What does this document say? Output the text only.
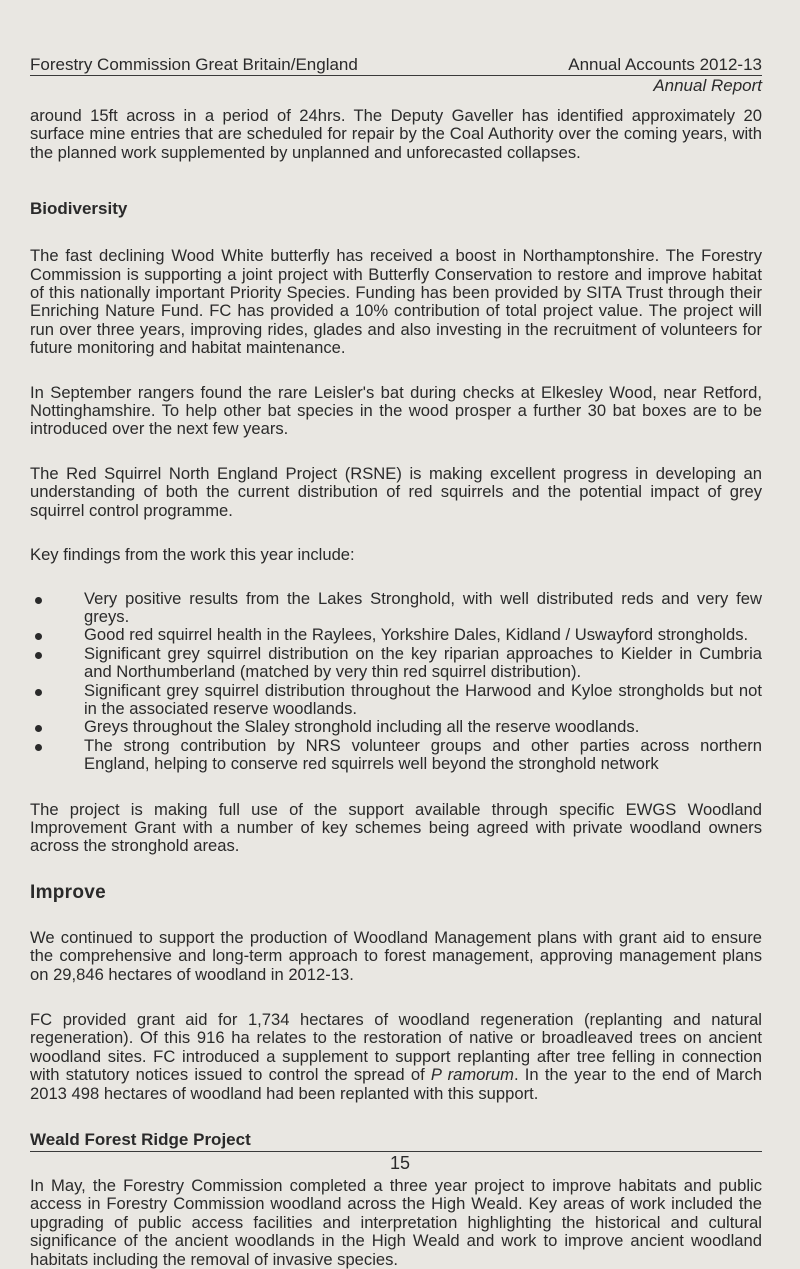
Forestry Commission Great Britain/England	Annual Accounts 2012-13
Annual Report

around 15ft across in a period of 24hrs. The Deputy Gaveller has identified approximately 20 surface mine entries that are scheduled for repair by the Coal Authority over the coming years, with the planned work supplemented by unplanned and unforecasted collapses.

Biodiversity

The fast declining Wood White butterfly has received a boost in Northamptonshire. The Forestry Commission is supporting a joint project with Butterfly Conservation to restore and improve habitat of this nationally important Priority Species. Funding has been provided by SITA Trust through their Enriching Nature Fund. FC has provided a 10% contribution of total project value. The project will run over three years, improving rides, glades and also investing in the recruitment of volunteers for future monitoring and habitat maintenance.

In September rangers found the rare Leisler's bat during checks at Elkesley Wood, near Retford, Nottinghamshire. To help other bat species in the wood prosper a further 30 bat boxes are to be introduced over the next few years.

The Red Squirrel North England Project (RSNE) is making excellent progress in developing an understanding of both the current distribution of red squirrels and the potential impact of grey squirrel control programme.

Key findings from the work this year include:

Very positive results from the Lakes Stronghold, with well distributed reds and very few greys.
Good red squirrel health in the Raylees, Yorkshire Dales, Kidland / Uswayford strongholds.
Significant grey squirrel distribution on the key riparian approaches to Kielder in Cumbria and Northumberland (matched by very thin red squirrel distribution).
Significant grey squirrel distribution throughout the Harwood and Kyloe strongholds but not in the associated reserve woodlands.
Greys throughout the Slaley stronghold including all the reserve woodlands.
The strong contribution by NRS volunteer groups and other parties across northern England, helping to conserve red squirrels well beyond the stronghold network

The project is making full use of the support available through specific EWGS Woodland Improvement Grant with a number of key schemes being agreed with private woodland owners across the stronghold areas.

Improve

We continued to support the production of Woodland Management plans with grant aid to ensure the comprehensive and long-term approach to forest management, approving management plans on 29,846 hectares of woodland in 2012-13.

FC provided grant aid for 1,734 hectares of woodland regeneration (replanting and natural regeneration). Of this 916 ha relates to the restoration of native or broadleaved trees on ancient woodland sites. FC introduced a supplement to support replanting after tree felling in connection with statutory notices issued to control the spread of P ramorum. In the year to the end of March 2013 498 hectares of woodland had been replanted with this support.

Weald Forest Ridge Project

In May, the Forestry Commission completed a three year project to improve habitats and public access in Forestry Commission woodland across the High Weald. Key areas of work included the upgrading of public access facilities and interpretation highlighting the historical and cultural significance of the ancient woodlands in the High Weald and work to improve ancient woodland habitats including the removal of invasive species.

15
